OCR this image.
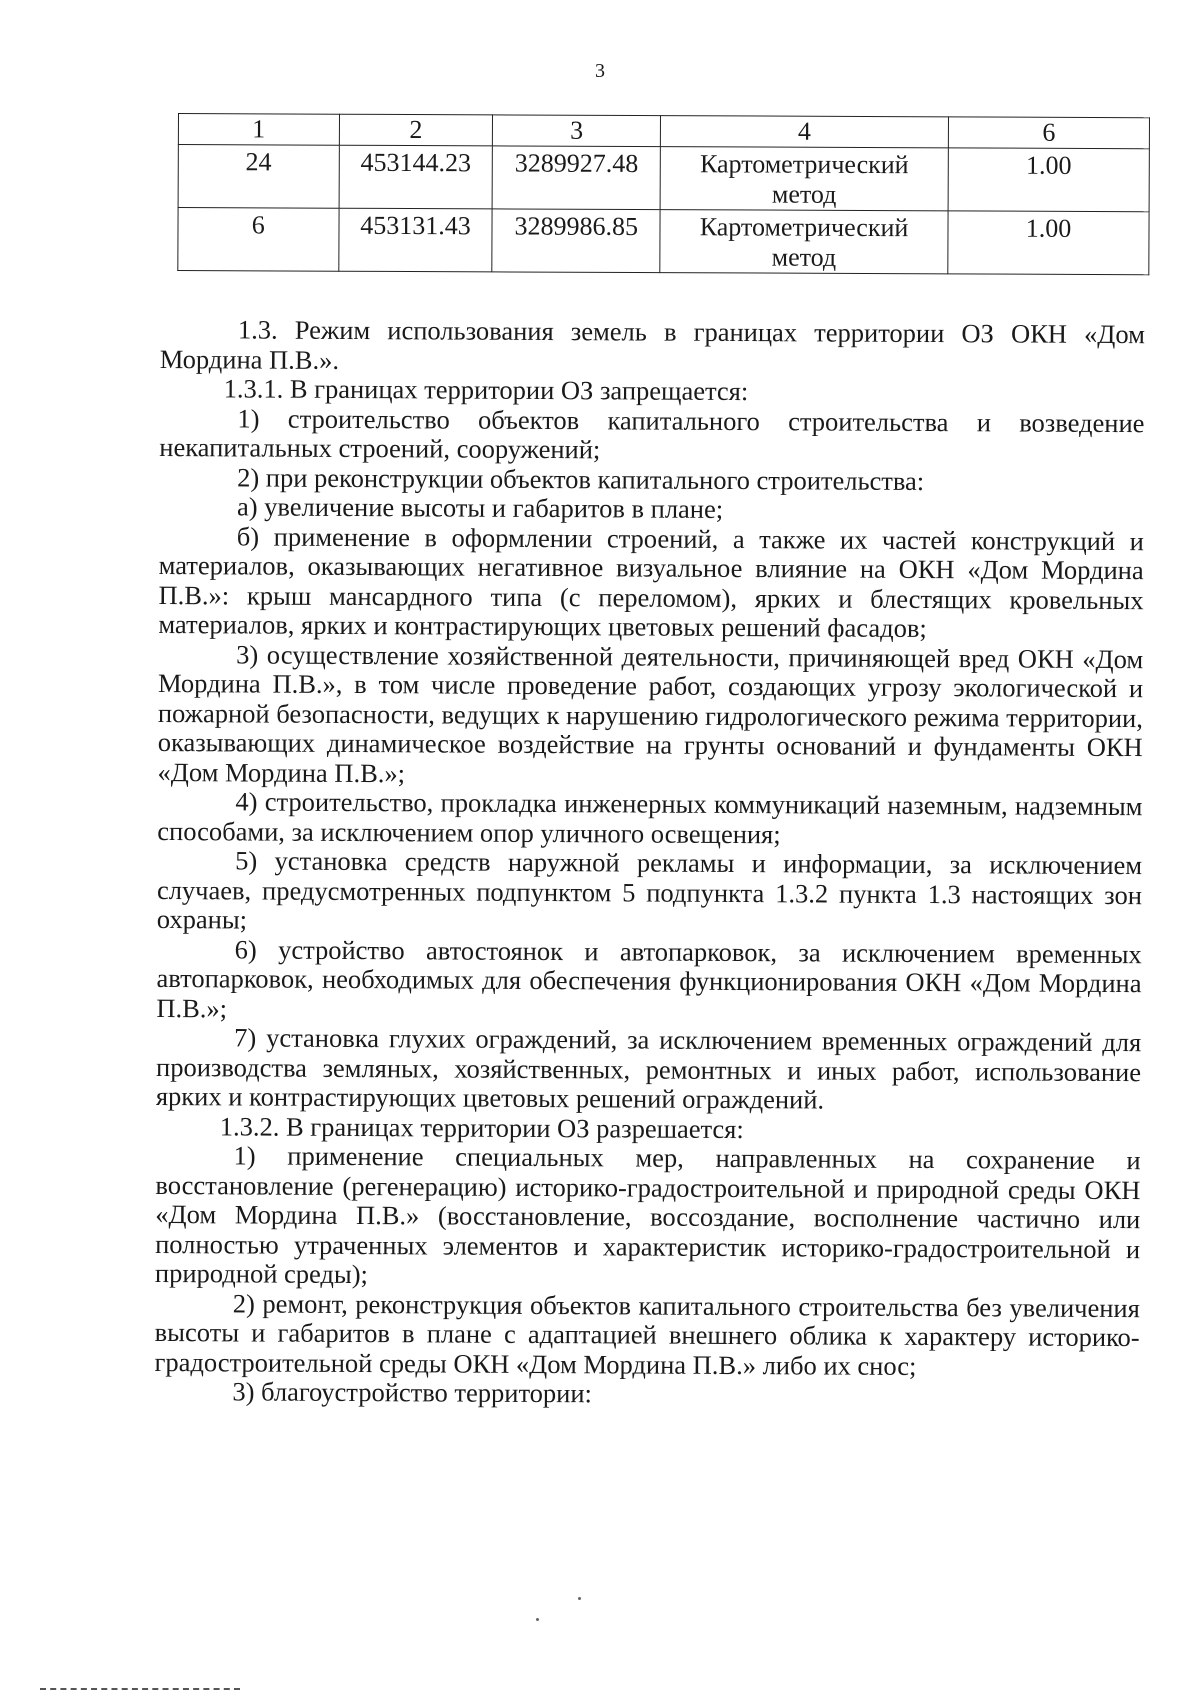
3
1	2	3	4	6
24	453144.23	3289927.48	Картометрический метод	1.00
6	453131.43	3289986.85	Картометрический метод	1.00

1.3. Режим использования земель в границах территории ОЗ ОКН «Дом Мордина П.В.».

1.3.1. В границах территории ОЗ запрещается:

1) строительство объектов капитального строительства и возведение некапитальных строений, сооружений;

2) при реконструкции объектов капитального строительства:

а) увеличение высоты и габаритов в плане;

б) применение в оформлении строений, а также их частей конструкций и материалов, оказывающих негативное визуальное влияние на ОКН «Дом Мордина П.В.»: крыш мансардного типа (с переломом), ярких и блестящих кровельных материалов, ярких и контрастирующих цветовых решений фасадов;

3) осуществление хозяйственной деятельности, причиняющей вред ОКН «Дом Мордина П.В.», в том числе проведение работ, создающих угрозу экологической и пожарной безопасности, ведущих к нарушению гидрологического режима территории, оказывающих динамическое воздействие на грунты оснований и фундаменты ОКН «Дом Мордина П.В.»;

4) строительство, прокладка инженерных коммуникаций наземным, надземным способами, за исключением опор уличного освещения;

5) установка средств наружной рекламы и информации, за исключением случаев, предусмотренных подпунктом 5 подпункта 1.3.2 пункта 1.3 настоящих зон охраны;

6) устройство автостоянок и автопарковок, за исключением временных автопарковок, необходимых для обеспечения функционирования ОКН «Дом Мордина П.В.»;

7) установка глухих ограждений, за исключением временных ограждений для производства земляных, хозяйственных, ремонтных и иных работ, использование ярких и контрастирующих цветовых решений ограждений.

1.3.2. В границах территории ОЗ разрешается:

1) применение специальных мер, направленных на сохранение и восстановление (регенерацию) историко-градостроительной и природной среды ОКН «Дом Мордина П.В.» (восстановление, воссоздание, восполнение частично или полностью утраченных элементов и характеристик историко-градостроительной и природной среды);

2) ремонт, реконструкция объектов капитального строительства без увеличения высоты и габаритов в плане с адаптацией внешнего облика к характеру историко-градостроительной среды ОКН «Дом Мордина П.В.» либо их снос;

3) благоустройство территории:
